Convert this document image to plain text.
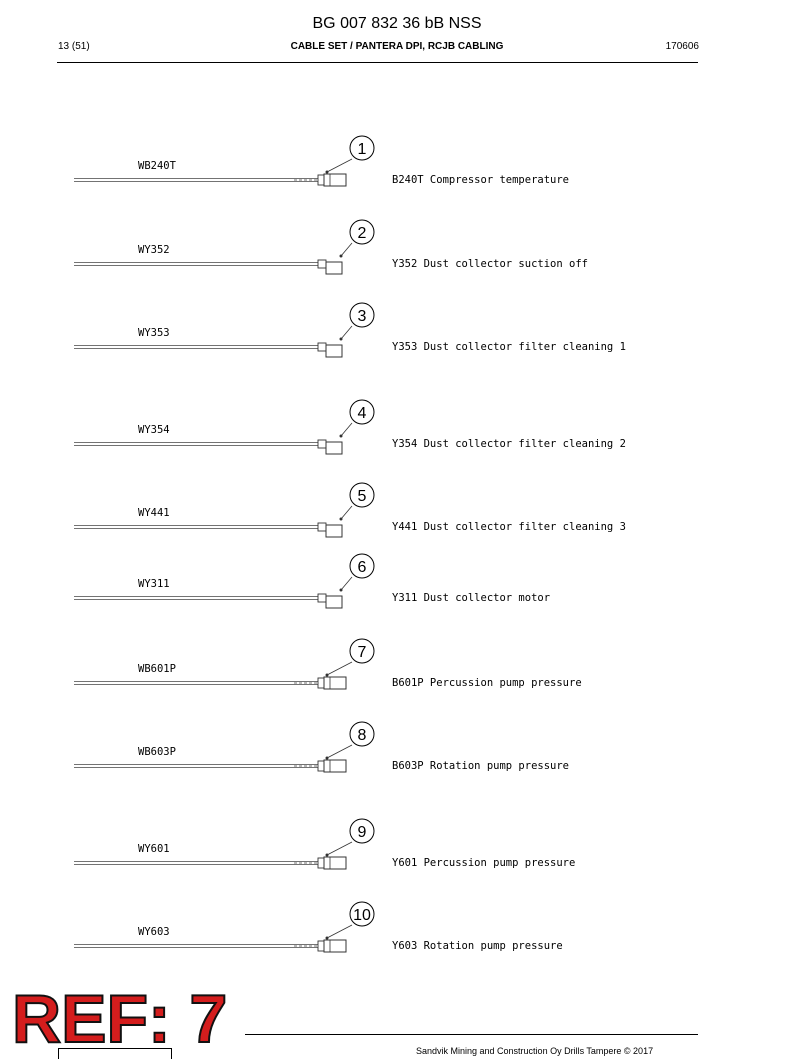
BG 007 832 36 bB NSS
13 (51)	CABLE SET / PANTERA DPI, RCJB CABLING	170606
WB240T
1
B240T Compressor temperature
WY352
2
Y352 Dust collector suction off
WY353
3
Y353 Dust collector filter cleaning 1
WY354
4
Y354 Dust collector filter cleaning 2
WY441
5
Y441 Dust collector filter cleaning 3
WY311
6
Y311 Dust collector motor
WB601P
7
B601P Percussion pump pressure
WB603P
8
B603P Rotation pump pressure
WY601
9
Y601 Percussion pump pressure
WY603
10
Y603 Rotation pump pressure
REF: 7	Sandvik Mining and Construction Oy Drills Tampere © 2017
